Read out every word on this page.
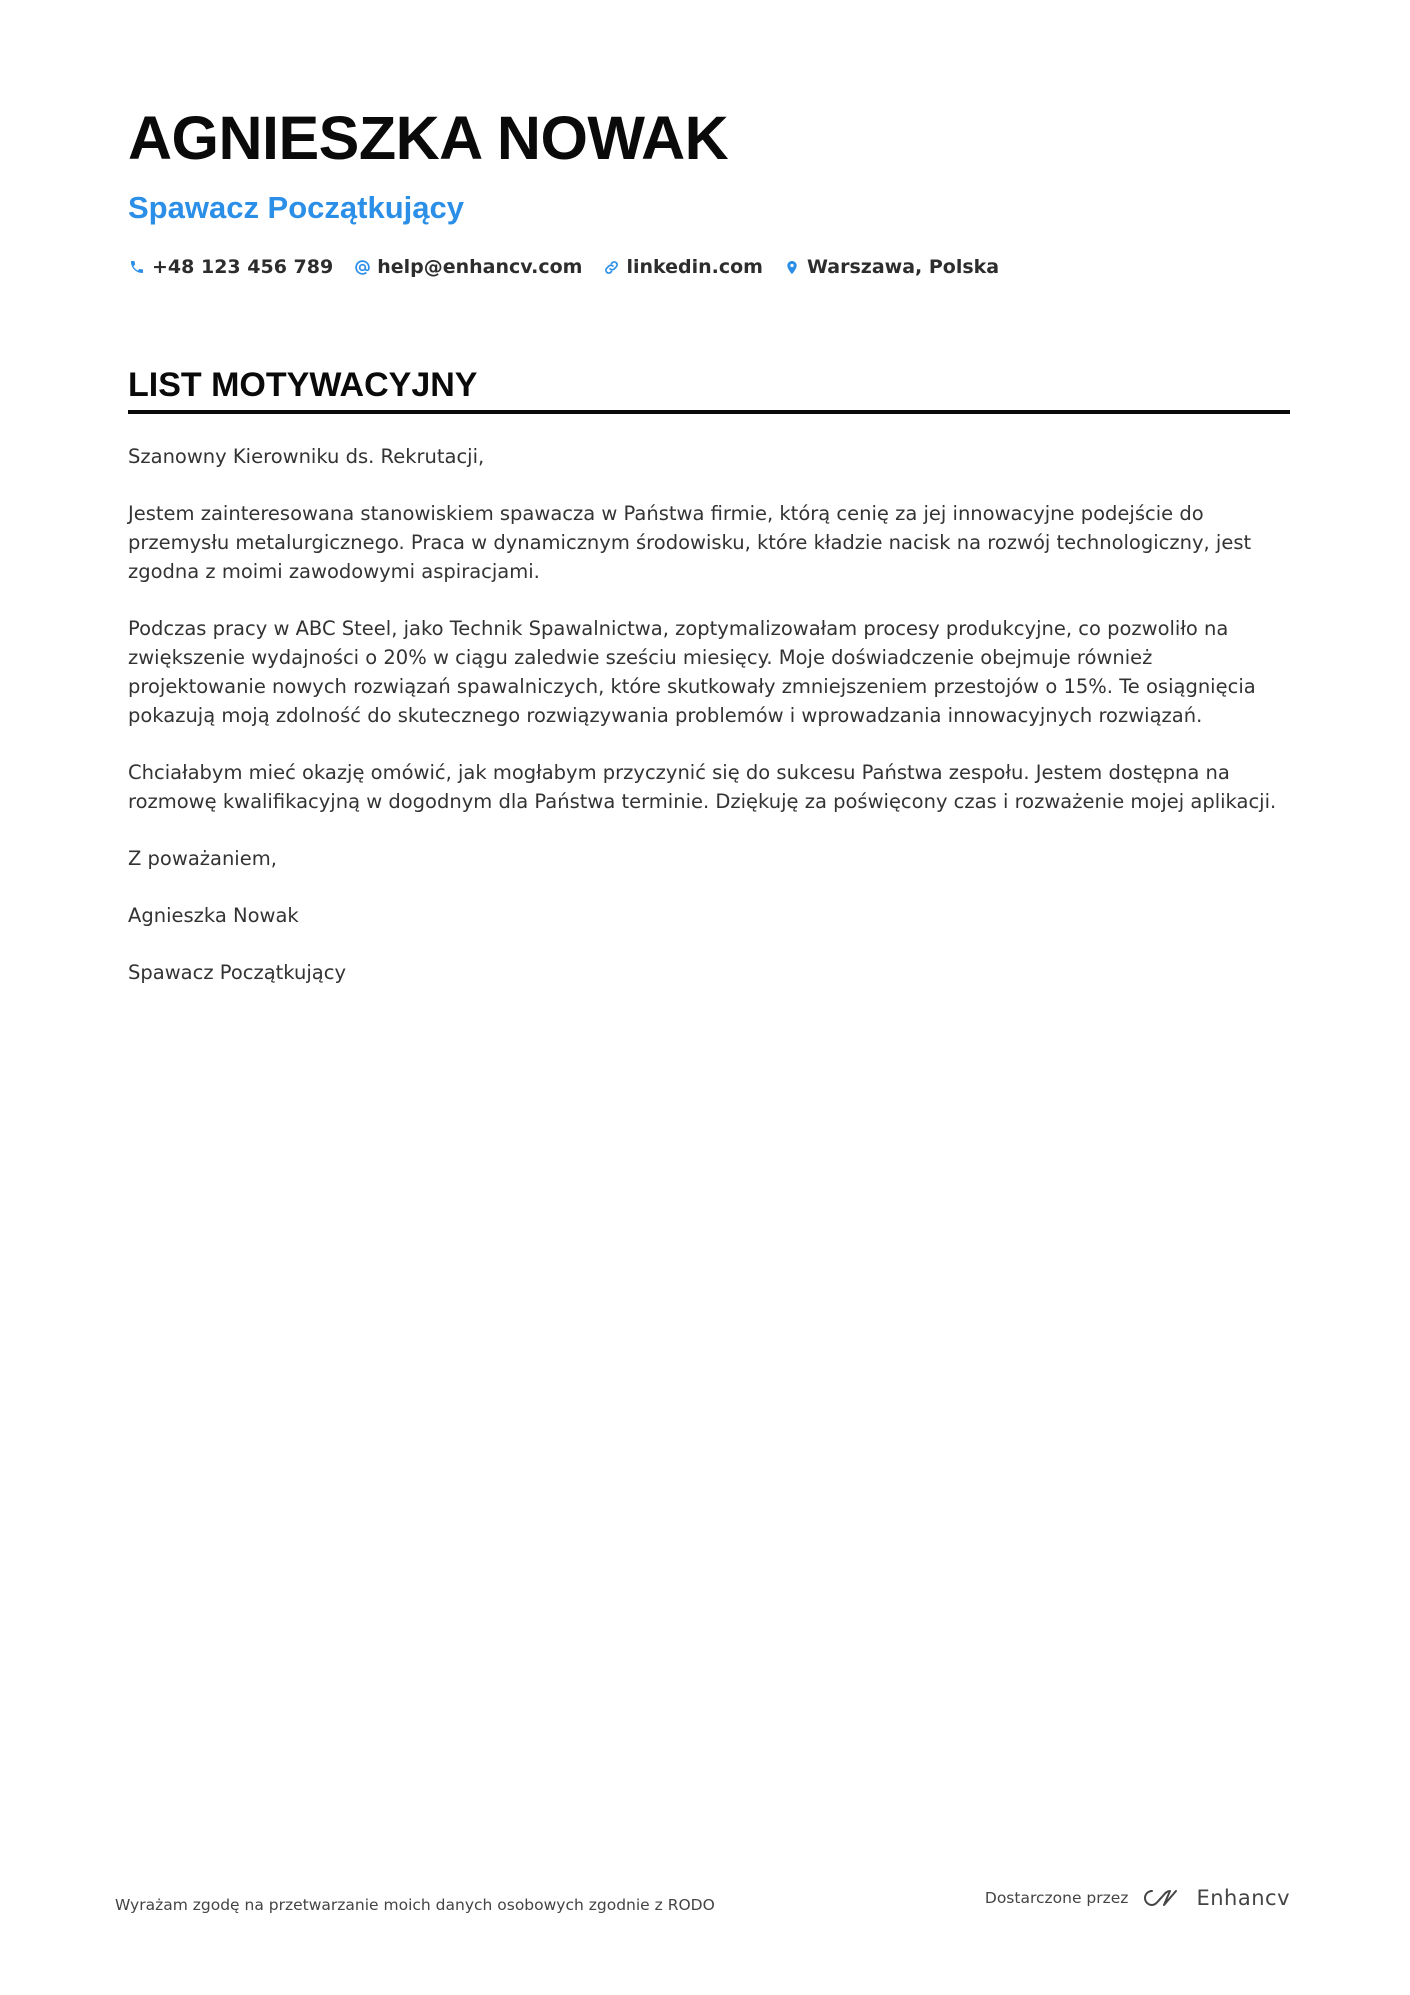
AGNIESZKA NOWAK
Spawacz Początkujący
+48 123 456 789 help@enhancv.com linkedin.com Warszawa, Polska
LIST MOTYWACYJNY

Szanowny Kierowniku ds. Rekrutacji,

Jestem zainteresowana stanowiskiem spawacza w Państwa firmie, którą cenię za jej innowacyjne podejście do przemysłu metalurgicznego. Praca w dynamicznym środowisku, które kładzie nacisk na rozwój technologiczny, jest zgodna z moimi zawodowymi aspiracjami.

Podczas pracy w ABC Steel, jako Technik Spawalnictwa, zoptymalizowałam procesy produkcyjne, co pozwoliło na zwiększenie wydajności o 20% w ciągu zaledwie sześciu miesięcy. Moje doświadczenie obejmuje również projektowanie nowych rozwiązań spawalniczych, które skutkowały zmniejszeniem przestojów o 15%. Te osiągnięcia pokazują moją zdolność do skutecznego rozwiązywania problemów i wprowadzania innowacyjnych rozwiązań.

Chciałabym mieć okazję omówić, jak mogłabym przyczynić się do sukcesu Państwa zespołu. Jestem dostępna na rozmowę kwalifikacyjną w dogodnym dla Państwa terminie. Dziękuję za poświęcony czas i rozważenie mojej aplikacji.

Z poważaniem,

Agnieszka Nowak

Spawacz Początkujący

Wyrażam zgodę na przetwarzanie moich danych osobowych zgodnie z RODO	Dostarczone przez	Enhancv
